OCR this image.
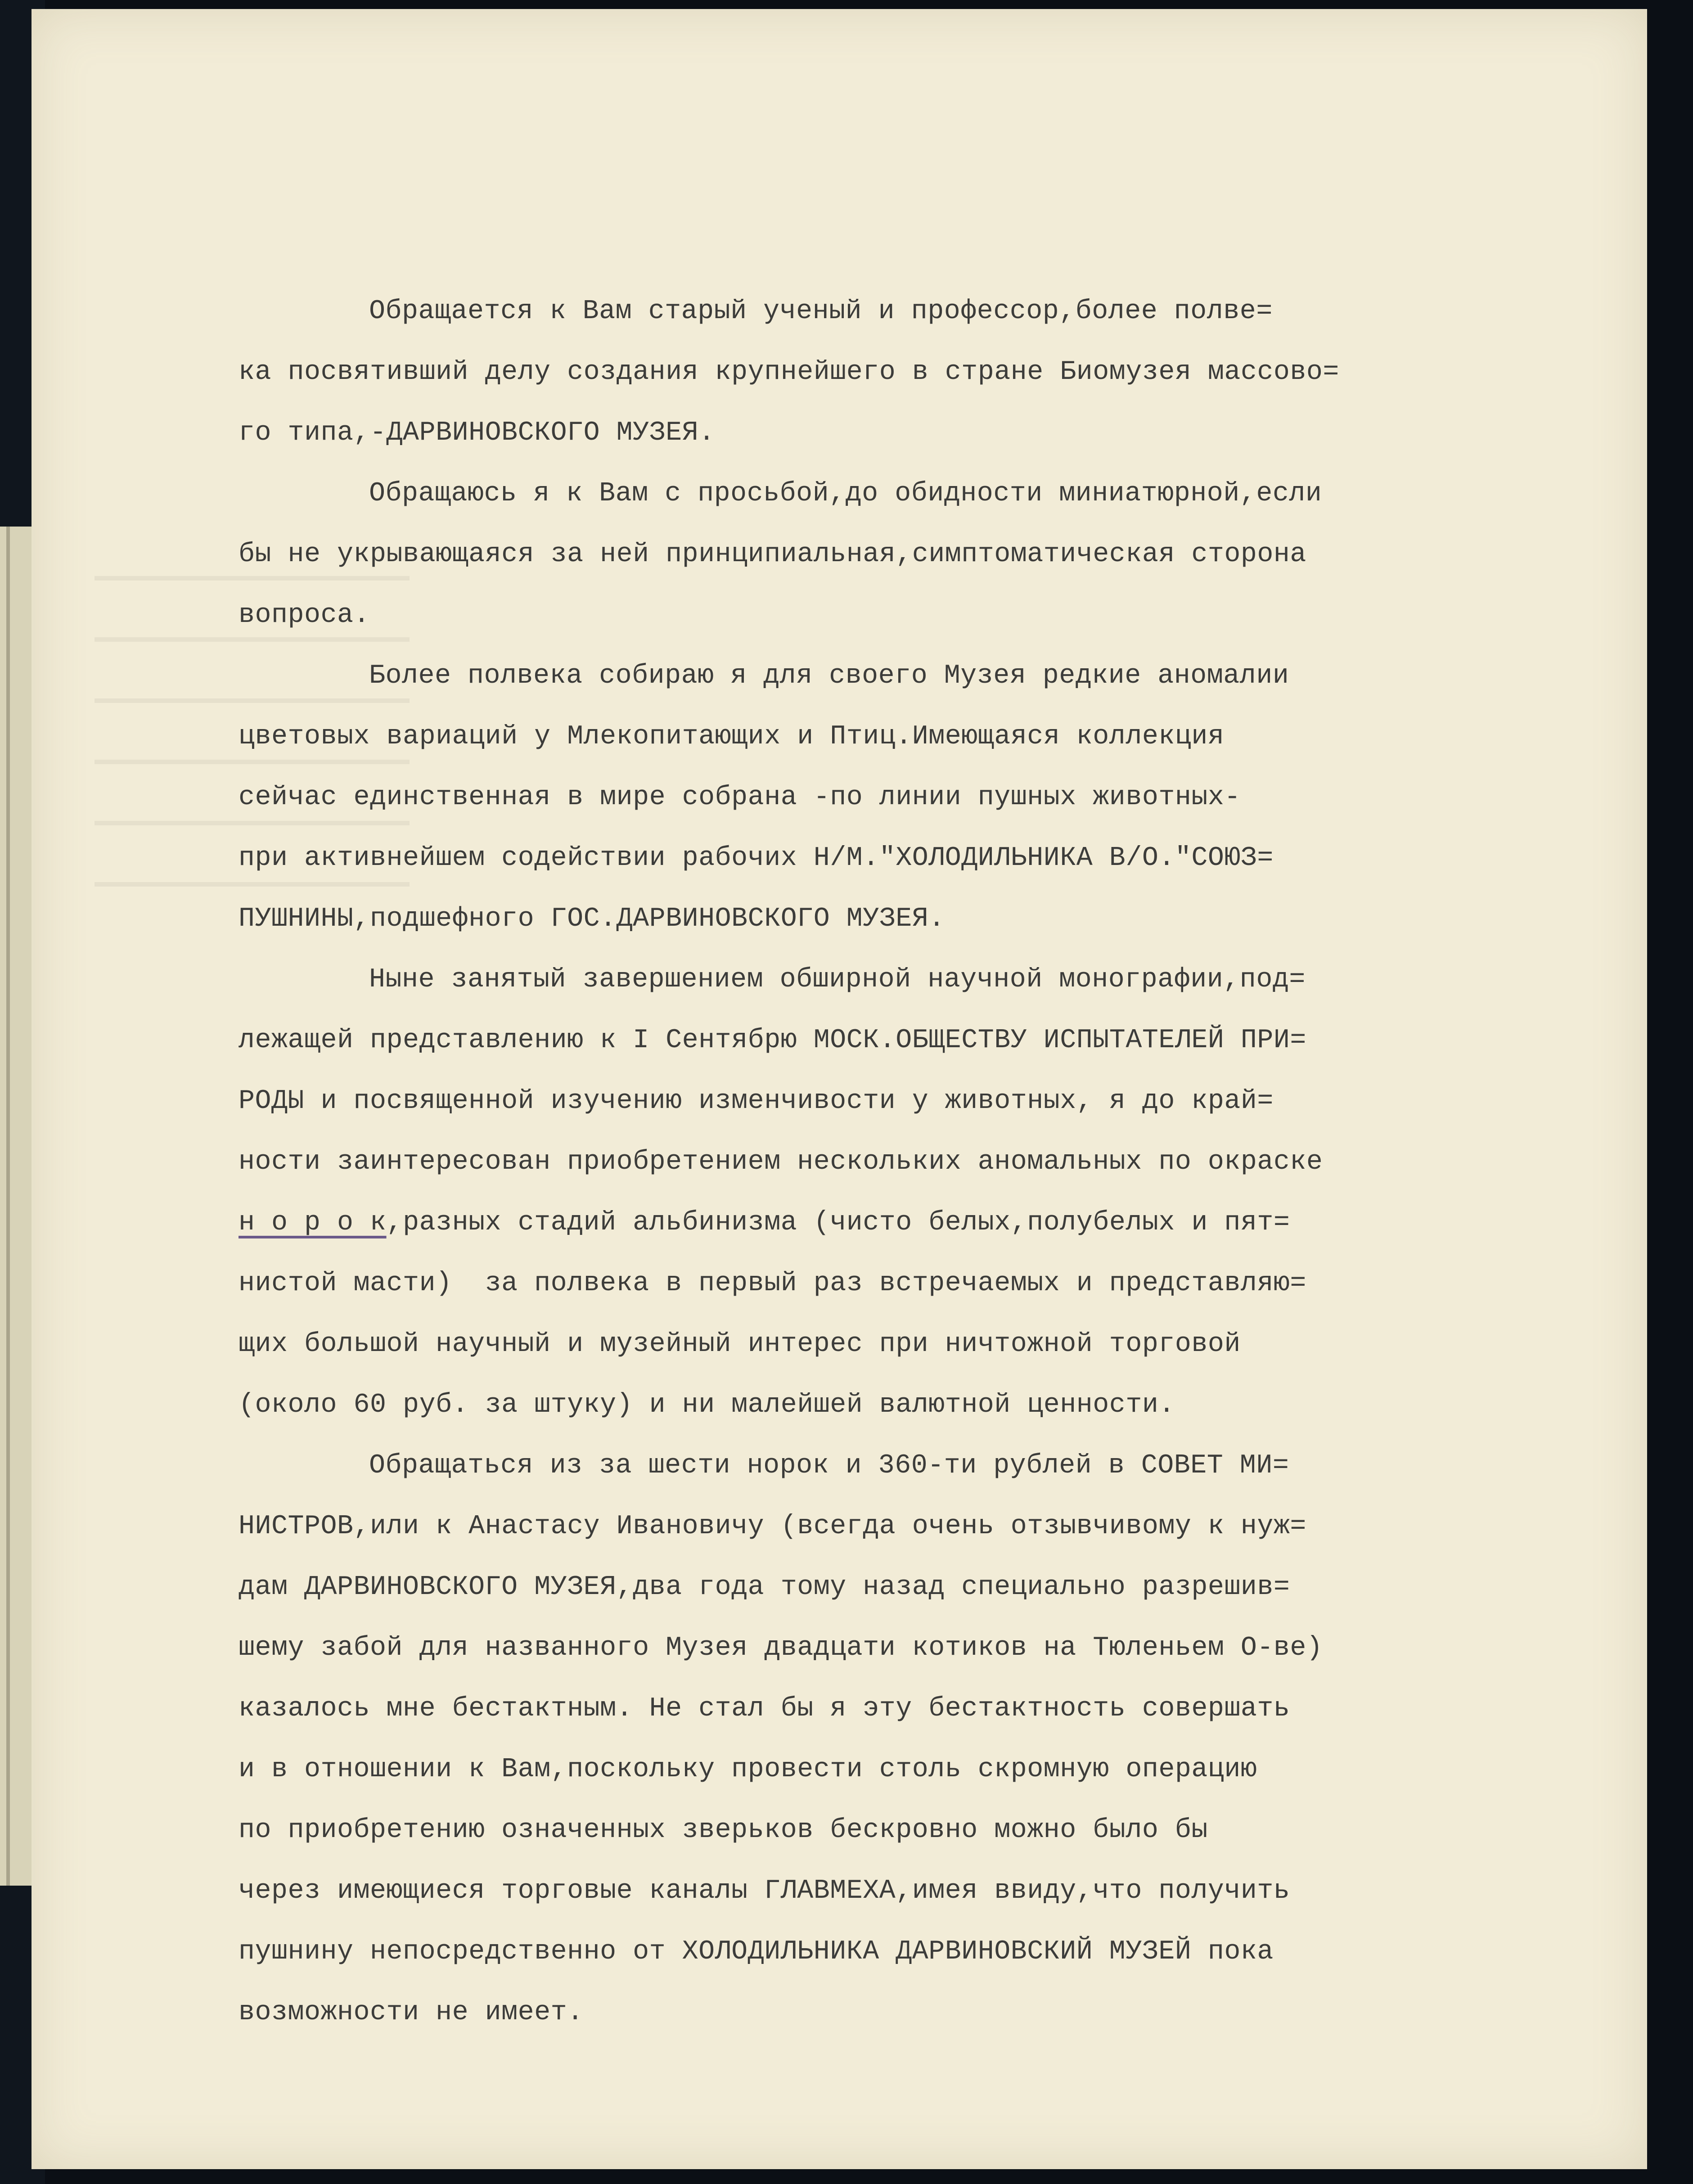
Обращается к Вам старый ученый и профессор,более полве=
ка посвятивший делу создания крупнейшего в стране Биомузея массово=
го типа,-ДАРВИНОВСКОГО МУЗЕЯ.
Обращаюсь я к Вам с просьбой,до обидности миниатюрной,если
бы не укрывающаяся за ней принципиальная,симптоматическая сторона
вопроса.
Более полвека собираю я для своего Музея редкие аномалии
цветовых вариаций у Млекопитающих и Птиц.Имеющаяся коллекция
сейчас единственная в мире собрана -по линии пушных животных-
при активнейшем содействии рабочих Н/М."ХОЛОДИЛЬНИКА В/О."СОЮЗ=
ПУШНИНЫ,подшефного ГОС.ДАРВИНОВСКОГО МУЗЕЯ.
Ныне занятый завершением обширной научной монографии,под=
лежащей представлению к I Сентябрю МОСК.ОБЩЕСТВУ ИСПЫТАТЕЛЕЙ ПРИ=
РОДЫ и посвященной изучению изменчивости у животных, я до край=
ности заинтересован приобретением нескольких аномальных по окраске
н о р о к,разных стадий альбинизма (чисто белых,полубелых и пят=
нистой масти)  за полвека в первый раз встречаемых и представляю=
щих большой научный и музейный интерес при ничтожной торговой
(около 60 руб. за штуку) и ни малейшей валютной ценности.
Обращаться из за шести норок и 360-ти рублей в СОВЕТ МИ=
НИСТРОВ,или к Анастасу Ивановичу (всегда очень отзывчивому к нуж=
дам ДАРВИНОВСКОГО МУЗЕЯ,два года тому назад специально разрешив=
шему забой для названного Музея двадцати котиков на Тюленьем О-ве)
казалось мне бестактным. Не стал бы я эту бестактность совершать
и в отношении к Вам,поскольку провести столь скромную операцию
по приобретению означенных зверьков бескровно можно было бы
через имеющиеся торговые каналы ГЛАВМЕХА,имея ввиду,что получить
пушнину непосредственно от ХОЛОДИЛЬНИКА ДАРВИНОВСКИЙ МУЗЕЙ пока
возможности не имеет.
